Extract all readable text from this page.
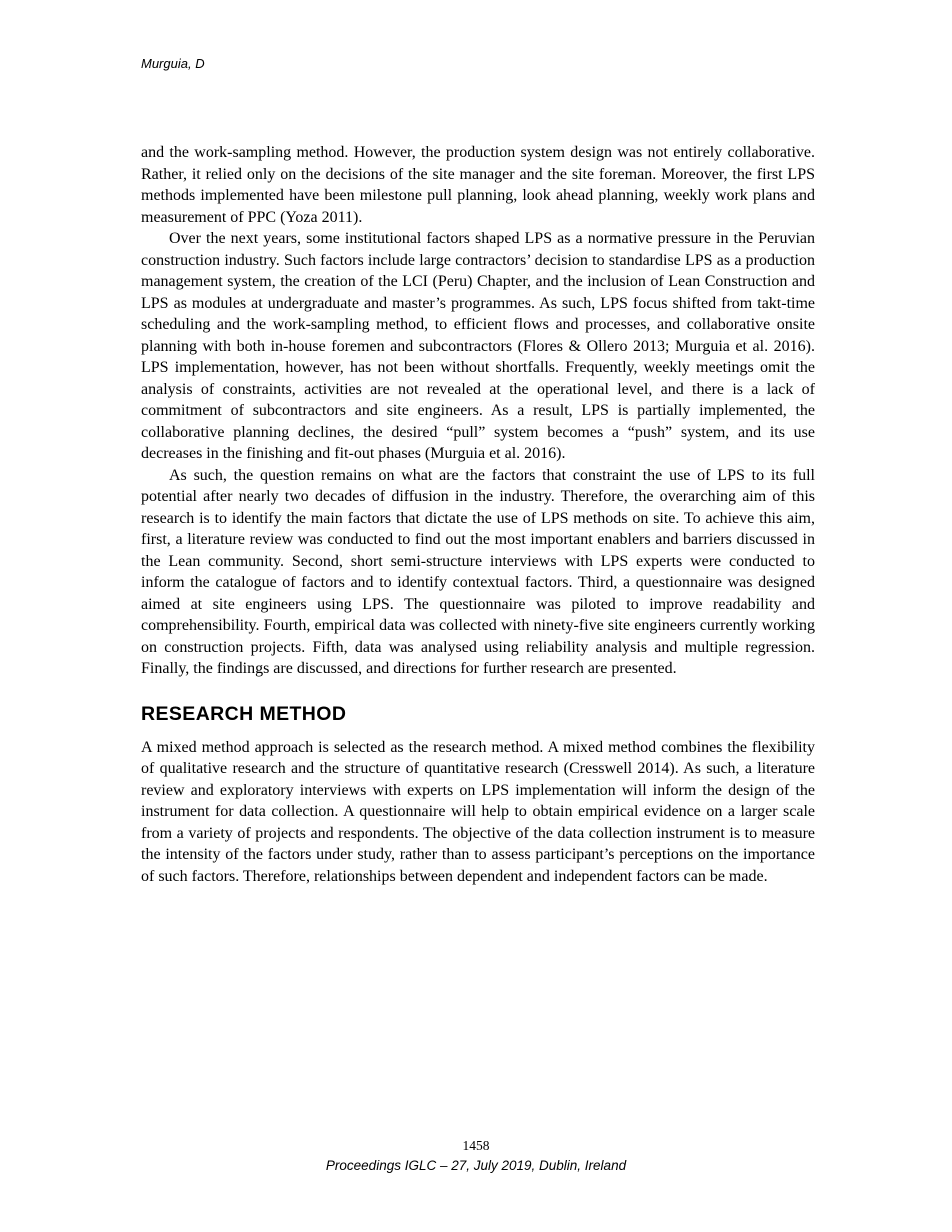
Murguia, D

and the work-sampling method. However, the production system design was not entirely collaborative. Rather, it relied only on the decisions of the site manager and the site foreman. Moreover, the first LPS methods implemented have been milestone pull planning, look ahead planning, weekly work plans and measurement of PPC (Yoza 2011).

Over the next years, some institutional factors shaped LPS as a normative pressure in the Peruvian construction industry. Such factors include large contractors’ decision to standardise LPS as a production management system, the creation of the LCI (Peru) Chapter, and the inclusion of Lean Construction and LPS as modules at undergraduate and master’s programmes. As such, LPS focus shifted from takt-time scheduling and the work-sampling method, to efficient flows and processes, and collaborative onsite planning with both in-house foremen and subcontractors (Flores & Ollero 2013; Murguia et al. 2016). LPS implementation, however, has not been without shortfalls. Frequently, weekly meetings omit the analysis of constraints, activities are not revealed at the operational level, and there is a lack of commitment of subcontractors and site engineers. As a result, LPS is partially implemented, the collaborative planning declines, the desired “pull” system becomes a “push” system, and its use decreases in the finishing and fit-out phases (Murguia et al. 2016).

As such, the question remains on what are the factors that constraint the use of LPS to its full potential after nearly two decades of diffusion in the industry. Therefore, the overarching aim of this research is to identify the main factors that dictate the use of LPS methods on site. To achieve this aim, first, a literature review was conducted to find out the most important enablers and barriers discussed in the Lean community. Second, short semi-structure interviews with LPS experts were conducted to inform the catalogue of factors and to identify contextual factors. Third, a questionnaire was designed aimed at site engineers using LPS. The questionnaire was piloted to improve readability and comprehensibility. Fourth, empirical data was collected with ninety-five site engineers currently working on construction projects. Fifth, data was analysed using reliability analysis and multiple regression. Finally, the findings are discussed, and directions for further research are presented.

RESEARCH METHOD

A mixed method approach is selected as the research method. A mixed method combines the flexibility of qualitative research and the structure of quantitative research (Cresswell 2014). As such, a literature review and exploratory interviews with experts on LPS implementation will inform the design of the instrument for data collection. A questionnaire will help to obtain empirical evidence on a larger scale from a variety of projects and respondents. The objective of the data collection instrument is to measure the intensity of the factors under study, rather than to assess participant’s perceptions on the importance of such factors. Therefore, relationships between dependent and independent factors can be made.

1458
Proceedings IGLC – 27, July 2019, Dublin, Ireland
